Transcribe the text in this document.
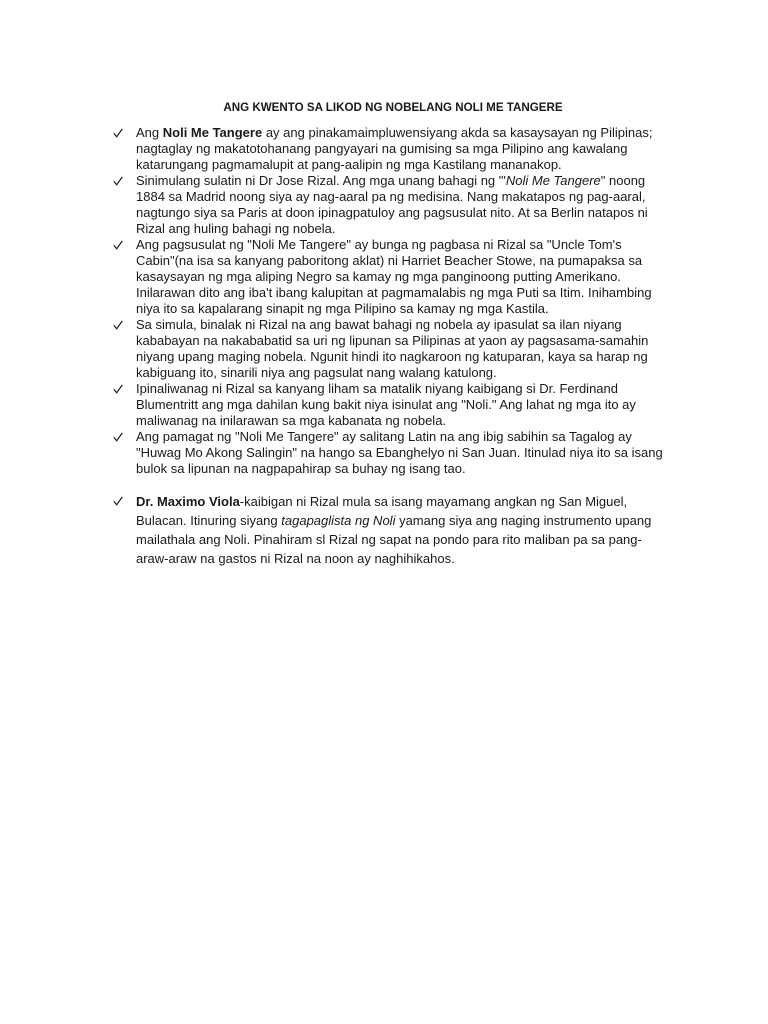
ANG KWENTO SA LIKOD NG NOBELANG NOLI ME TANGERE
Ang Noli Me Tangere ay ang pinakamaimpluwensiyang akda sa kasaysayan ng Pilipinas;
nagtaglay ng makatotohanang pangyayari na gumising sa mga Pilipino ang kawalang
katarungang pagmamalupit at pang-aalipin ng mga Kastilang mananakop.
Sinimulang sulatin ni Dr Jose Rizal. Ang mga unang bahagi ng "'Noli Me Tangere" noong
1884 sa Madrid noong siya ay nag-aaral pa ng medisina. Nang makatapos ng pag-aaral,
nagtungo siya sa Paris at doon ipinagpatuloy ang pagsusulat nito. At sa Berlin natapos ni
Rizal ang huling bahagi ng nobela.
Ang pagsusulat ng "Noli Me Tangere" ay bunga ng pagbasa ni Rizal sa "Uncle Tom's
Cabin"(na isa sa kanyang paboritong aklat) ni Harriet Beacher Stowe, na pumapaksa sa
kasaysayan ng mga aliping Negro sa kamay ng mga panginoong putting Amerikano.
Inilarawan dito ang iba't ibang kalupitan at pagmamalabis ng mga Puti sa Itim. Inihambing
niya ito sa kapalarang sinapit ng mga Pilipino sa kamay ng mga Kastila.
Sa simula, binalak ni Rizal na ang bawat bahagi ng nobela ay ipasulat sa ilan niyang
kababayan na nakababatid sa uri ng lipunan sa Pilipinas at yaon ay pagsasama-samahin
niyang upang maging nobela. Ngunit hindi ito nagkaroon ng katuparan, kaya sa harap ng
kabiguang ito, sinarili niya ang pagsulat nang walang katulong.
Ipinaliwanag ni Rizal sa kanyang liham sa matalik niyang kaibigang si Dr. Ferdinand
Blumentritt ang mga dahilan kung bakit niya isinulat ang "Noli." Ang lahat ng mga ito ay
maliwanag na inilarawan sa mga kabanata ng nobela.
Ang pamagat ng "Noli Me Tangere" ay salitang Latin na ang ibig sabihin sa Tagalog ay
"Huwag Mo Akong Salingin" na hango sa Ebanghelyo ni San Juan. Itinulad niya ito sa isang
bulok sa lipunan na nagpapahirap sa buhay ng isang tao.
Dr. Maximo Viola-kaibigan ni Rizal mula sa isang mayamang angkan ng San Miguel,
Bulacan. Itinuring siyang tagapaglista ng Noli yamang siya ang naging instrumento upang
mailathala ang Noli. Pinahiram sl Rizal ng sapat na pondo para rito maliban pa sa pang-
araw-araw na gastos ni Rizal na noon ay naghihikahos.
